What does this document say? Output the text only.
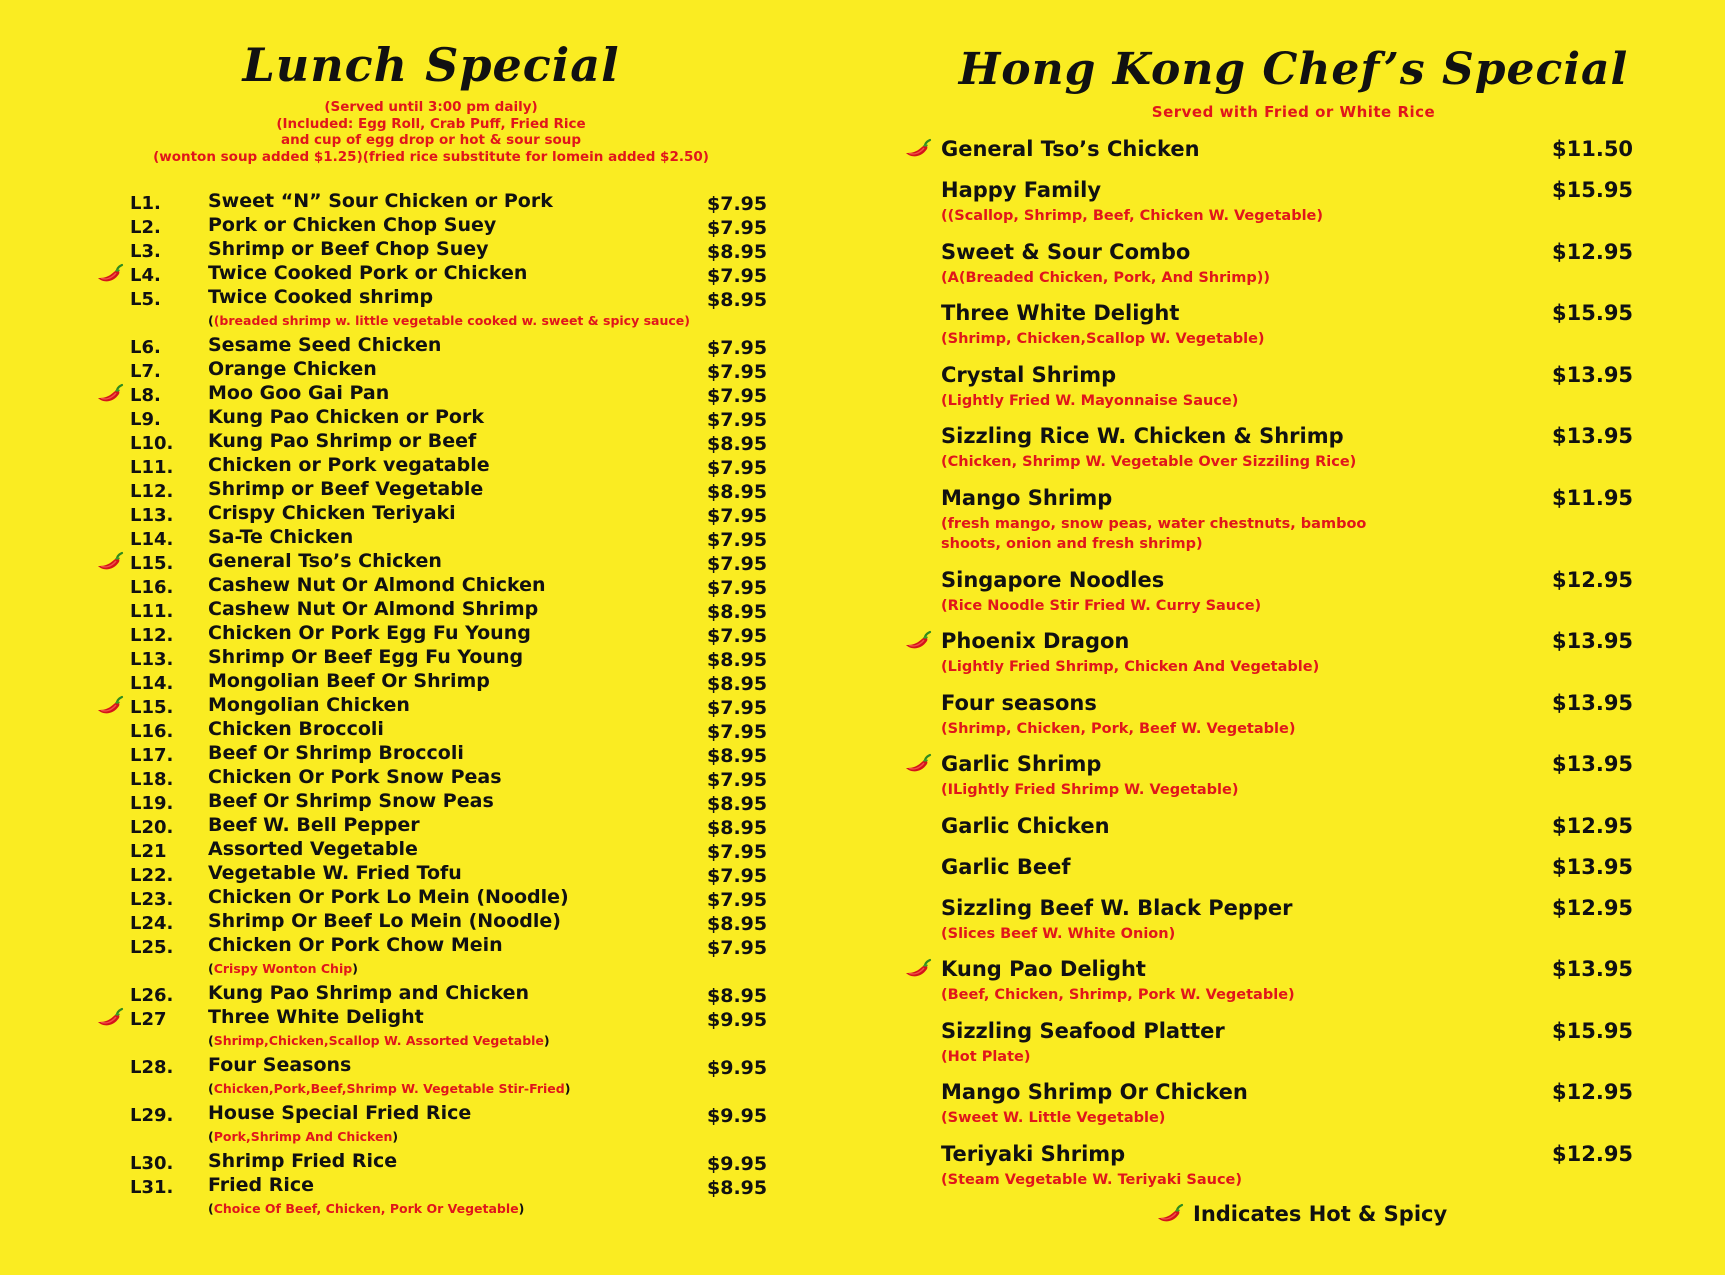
Lunch Special
(Served until 3:00 pm daily)
(Included: Egg Roll, Crab Puff, Fried Rice
and cup of egg drop or hot & sour soup
(wonton soup added $1.25)(fried rice substitute for lomein added $2.50)
L1. Sweet “N” Sour Chicken or Pork	$7.95
L2. Pork or Chicken Chop Suey	$7.95
L3. Shrimp or Beef Chop Suey	$8.95
L4. Twice Cooked Pork or Chicken	$7.95
L5. Twice Cooked shrimp	$8.95
((breaded shrimp w. little vegetable cooked w. sweet & spicy sauce)
L6. Sesame Seed Chicken	$7.95
L7. Orange Chicken	$7.95
L8. Moo Goo Gai Pan	$7.95
L9. Kung Pao Chicken or Pork	$7.95
L10. Kung Pao Shrimp or Beef	$8.95
L11. Chicken or Pork vegatable	$7.95
L12. Shrimp or Beef Vegetable	$8.95
L13. Crispy Chicken Teriyaki	$7.95
L14. Sa-Te Chicken	$7.95
L15. General Tso’s Chicken	$7.95
L16. Cashew Nut Or Almond Chicken	$7.95
L11. Cashew Nut Or Almond Shrimp	$8.95
L12. Chicken Or Pork Egg Fu Young	$7.95
L13. Shrimp Or Beef Egg Fu Young	$8.95
L14. Mongolian Beef Or Shrimp	$8.95
L15. Mongolian Chicken	$7.95
L16. Chicken Broccoli	$7.95
L17. Beef Or Shrimp Broccoli	$8.95
L18. Chicken Or Pork Snow Peas	$7.95
L19. Beef Or Shrimp Snow Peas	$8.95
L20. Beef W. Bell Pepper	$8.95
L21 Assorted Vegetable	$7.95
L22. Vegetable W. Fried Tofu	$7.95
L23. Chicken Or Pork Lo Mein (Noodle)	$7.95
L24. Shrimp Or Beef Lo Mein (Noodle)	$8.95
L25. Chicken Or Pork Chow Mein	$7.95
(Crispy Wonton Chip)
L26. Kung Pao Shrimp and Chicken	$8.95
L27 Three White Delight	$9.95
(Shrimp,Chicken,Scallop W. Assorted Vegetable)
L28. Four Seasons	$9.95
(Chicken,Pork,Beef,Shrimp W. Vegetable Stir-Fried)
L29. House Special Fried Rice	$9.95
(Pork,Shrimp And Chicken)
L30. Shrimp Fried Rice	$9.95
L31. Fried Rice	$8.95
(Choice Of Beef, Chicken, Pork Or Vegetable)
Hong Kong Chef’s Special
Served with Fried or White Rice
General Tso’s Chicken	$11.50
Happy Family	$15.95
((Scallop, Shrimp, Beef, Chicken W. Vegetable)
Sweet & Sour Combo	$12.95
(A(Breaded Chicken, Pork, And Shrimp))
Three White Delight	$15.95
(Shrimp, Chicken,Scallop W. Vegetable)
Crystal Shrimp	$13.95
(Lightly Fried W. Mayonnaise Sauce)
Sizzling Rice W. Chicken & Shrimp	$13.95
(Chicken, Shrimp W. Vegetable Over Sizziling Rice)
Mango Shrimp	$11.95
(fresh mango, snow peas, water chestnuts, bamboo shoots, onion and fresh shrimp)
Singapore Noodles	$12.95
(Rice Noodle Stir Fried W. Curry Sauce)
Phoenix Dragon	$13.95
(Lightly Fried Shrimp, Chicken And Vegetable)
Four seasons	$13.95
(Shrimp, Chicken, Pork, Beef W. Vegetable)
Garlic Shrimp	$13.95
(ILightly Fried Shrimp W. Vegetable)
Garlic Chicken	$12.95
Garlic Beef	$13.95
Sizzling Beef W. Black Pepper	$12.95
(Slices Beef W. White Onion)
Kung Pao Delight	$13.95
(Beef, Chicken, Shrimp, Pork W. Vegetable)
Sizzling Seafood Platter	$15.95
(Hot Plate)
Mango Shrimp Or Chicken	$12.95
(Sweet W. Little Vegetable)
Teriyaki Shrimp	$12.95
(Steam Vegetable W. Teriyaki Sauce)
Indicates Hot & Spicy
